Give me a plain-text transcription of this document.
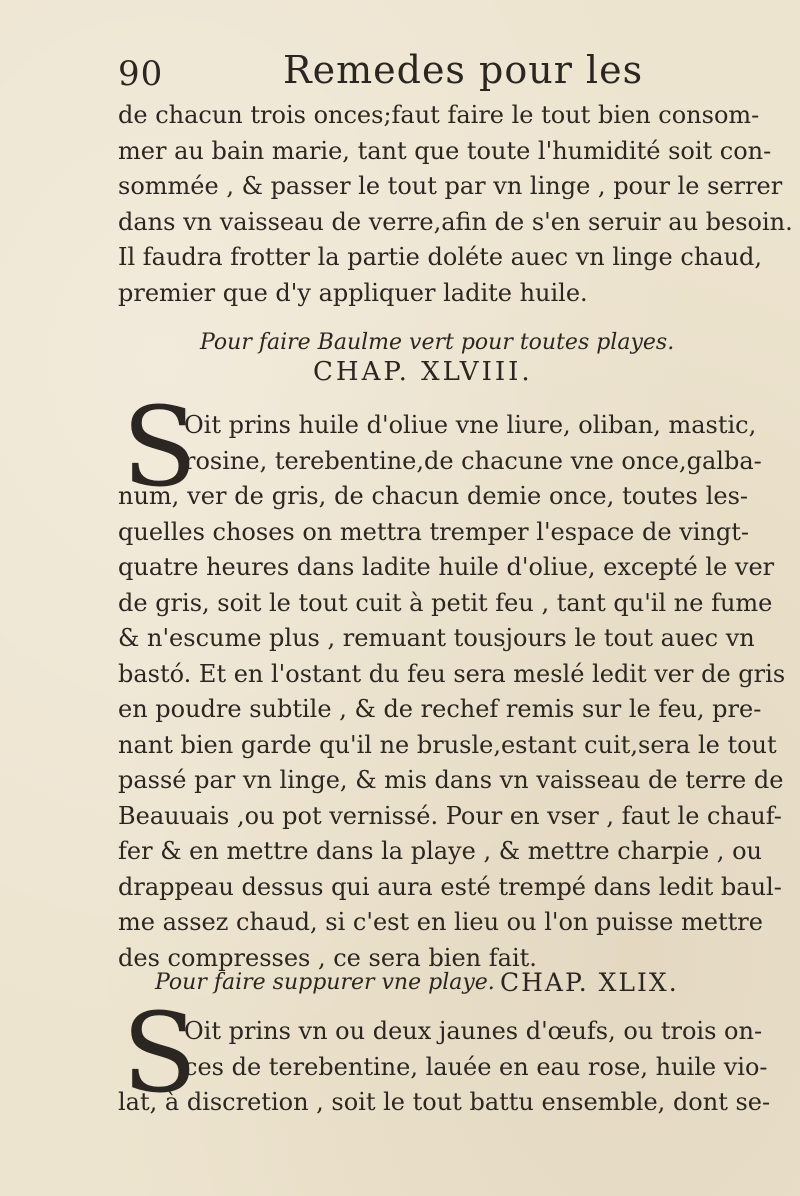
90	Remedes pour les
de chacun trois onces;faut faire le tout bien consom-
mer au bain marie, tant que toute l'humidité soit con-
sommée , & passer le tout par vn linge , pour le serrer
dans vn vaisseau de verre,afin de s'en seruir au besoin.
Il faudra frotter la partie doléte auec vn linge chaud,
premier que d'y appliquer ladite huile.
Pour faire Baulme vert pour toutes playes.
CHAP. XLVIII.
S
Oit prins huile d'oliue vne liure, oliban, mastic,
rosine, terebentine,de chacune vne once,galba-
num, ver de gris, de chacun demie once, toutes les-
quelles choses on mettra tremper l'espace de vingt-
quatre heures dans ladite huile d'oliue, excepté le ver
de gris, soit le tout cuit à petit feu , tant qu'il ne fume
& n'escume plus , remuant tousjours le tout auec vn
bastó. Et en l'ostant du feu sera meslé ledit ver de gris
en poudre subtile , & de rechef remis sur le feu, pre-
nant bien garde qu'il ne brusle,estant cuit,sera le tout
passé par vn linge, & mis dans vn vaisseau de terre de
Beauuais ,ou pot vernissé. Pour en vser , faut le chauf-
fer & en mettre dans la playe , & mettre charpie , ou
drappeau dessus qui aura esté trempé dans ledit baul-
me assez chaud, si c'est en lieu ou l'on puisse mettre
des compresses , ce sera bien fait.
Pour faire suppurer vne playe. CHAP. XLIX.
S
Oit prins vn ou deux jaunes d'œufs, ou trois on-
ces de terebentine, lauée en eau rose, huile vio-
lat, à discretion , soit le tout battu ensemble, dont se-
